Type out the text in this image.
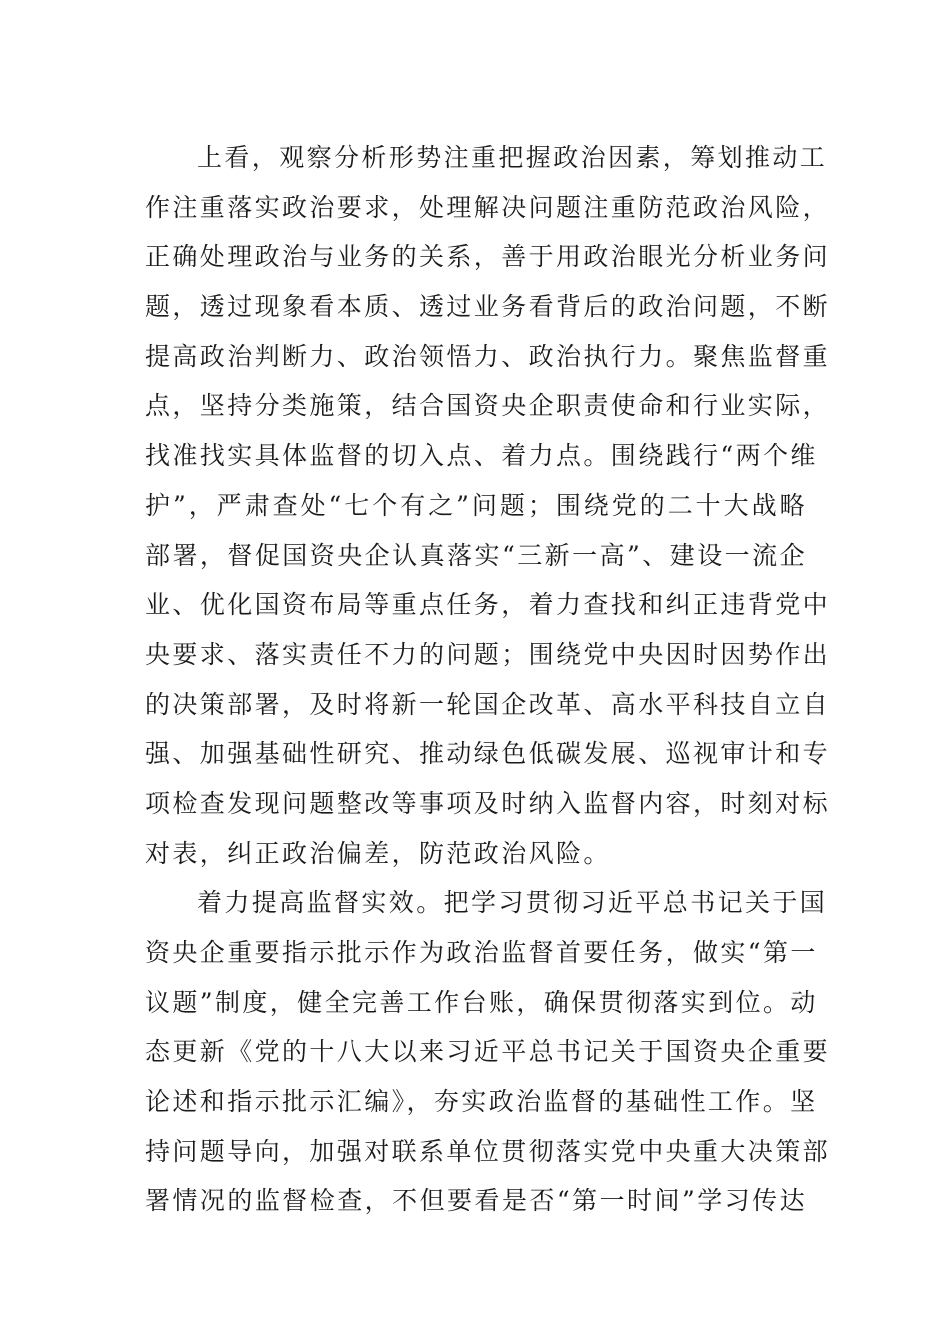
上看，观察分析形势注重把握政治因素，筹划推动工
作注重落实政治要求，处理解决问题注重防范政治风险，
正确处理政治与业务的关系，善于用政治眼光分析业务问
题，透过现象看本质、透过业务看背后的政治问题，不断
提高政治判断力、政治领悟力、政治执行力。聚焦监督重
点，坚持分类施策，结合国资央企职责使命和行业实际，
找准找实具体监督的切入点、着力点。围绕践行“两个维
护”，严肃查处“七个有之”问题；围绕党的二十大战略
部署，督促国资央企认真落实“三新一高”、建设一流企
业、优化国资布局等重点任务，着力查找和纠正违背党中
央要求、落实责任不力的问题；围绕党中央因时因势作出
的决策部署，及时将新一轮国企改革、高水平科技自立自
强、加强基础性研究、推动绿色低碳发展、巡视审计和专
项检查发现问题整改等事项及时纳入监督内容，时刻对标
对表，纠正政治偏差，防范政治风险。
着力提高监督实效。把学习贯彻习近平总书记关于国
资央企重要指示批示作为政治监督首要任务，做实“第一
议题”制度，健全完善工作台账，确保贯彻落实到位。动
态更新《党的十八大以来习近平总书记关于国资央企重要
论述和指示批示汇编》，夯实政治监督的基础性工作。坚
持问题导向，加强对联系单位贯彻落实党中央重大决策部
署情况的监督检查，不但要看是否“第一时间”学习传达
